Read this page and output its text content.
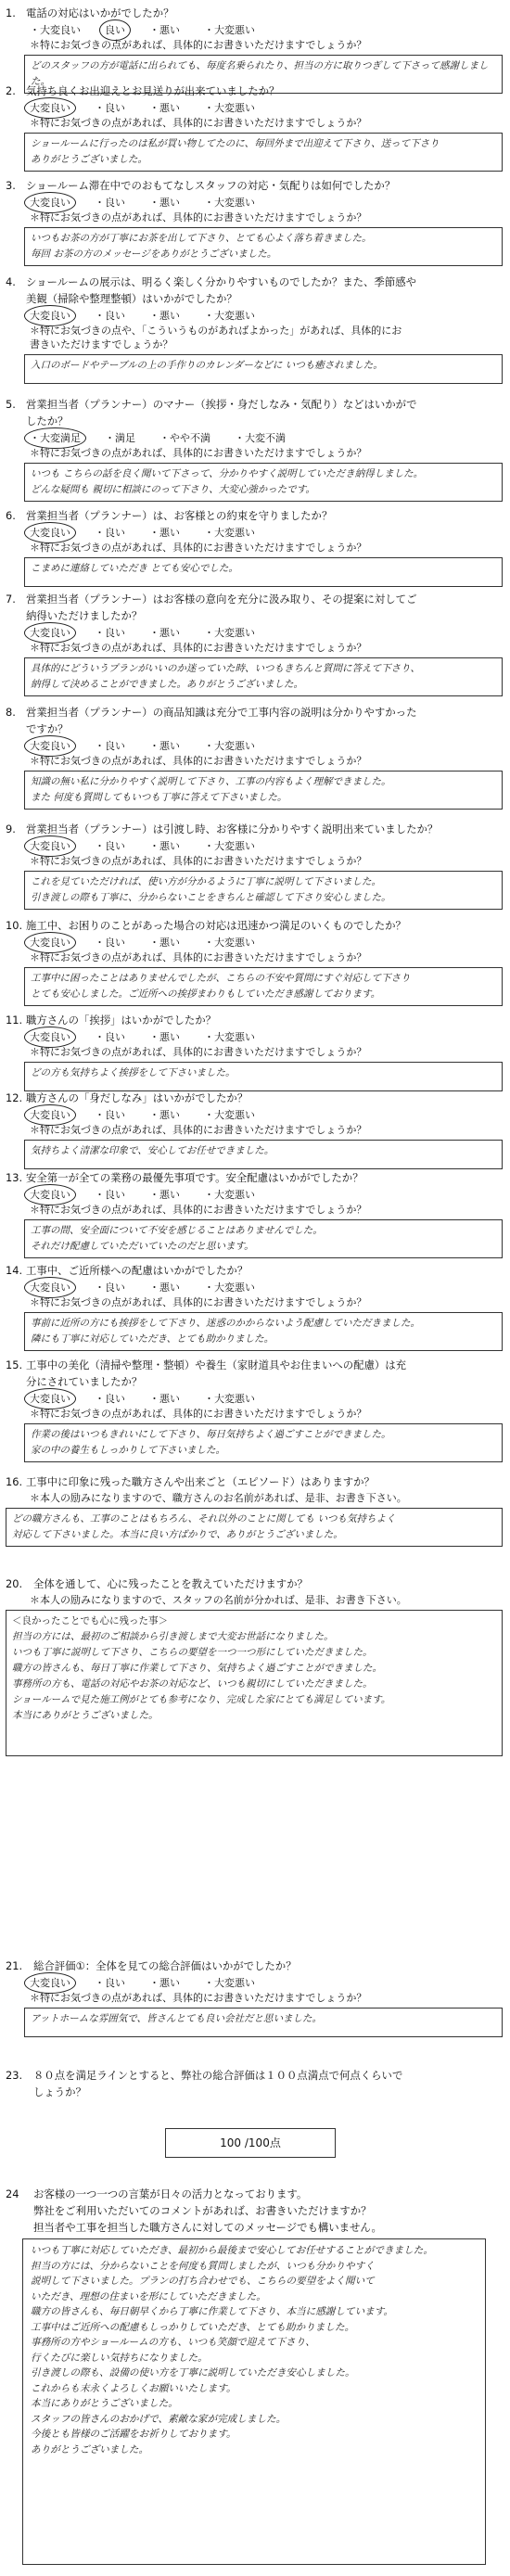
1. 電話の対応はいかがでしたか？
・大変良い 良い ・悪い ・大変悪い
＊特にお気づきの点があれば、具体的にお書きいただけますでしょうか？
どのスタッフの方が電話に出られても、毎度名乗られたり、担当の方に取りつぎして下さって感謝しました。
2. 気持ち良くお出迎えとお見送りが出来ていましたか？
大変良い ・良い ・悪い ・大変悪い
＊特にお気づきの点があれば、具体的にお書きいただけますでしょうか？
ショールームに行ったのは私が買い物してたのに、毎回外まで出迎えて下さり、送って下さり
ありがとうございました。
3. ショールーム滞在中でのおもてなしスタッフの対応・気配りは如何でしたか？
大変良い ・良い ・悪い ・大変悪い
＊特にお気づきの点があれば、具体的にお書きいただけますでしょうか？
いつもお茶の方が丁寧にお茶を出して下さり、とても心よく落ち着きました。
毎回 お茶の方のメッセージをありがとうございました。
4. ショールームの展示は、明るく楽しく分かりやすいものでしたか？また、季節感や
美観（掃除や整理整頓）はいかがでしたか？
大変良い ・良い ・悪い ・大変悪い
＊特にお気づきの点や、「こういうものがあればよかった」があれば、具体的にお
書きいただけますでしょうか？
入口のボードやテーブルの上の手作りのカレンダーなどに いつも癒されました。
5. 営業担当者（プランナー）のマナー（挨拶・身だしなみ・気配り）などはいかがで
したか？
・大変満足 ・満足 ・やや不満 ・大変不満
＊特にお気づきの点があれば、具体的にお書きいただけますでしょうか？
いつも こちらの話を良く聞いて下さって、分かりやすく説明していただき納得しました。
どんな疑問も 親切に相談にのって下さり、大変心強かったです。
6. 営業担当者（プランナー）は、お客様との約束を守りましたか？
大変良い ・良い ・悪い ・大変悪い
＊特にお気づきの点があれば、具体的にお書きいただけますでしょうか？
こまめに連絡していただき とても安心でした。
7. 営業担当者（プランナー）はお客様の意向を充分に汲み取り、その提案に対してご
納得いただけましたか？
大変良い ・良い ・悪い ・大変悪い
＊特にお気づきの点があれば、具体的にお書きいただけますでしょうか？
具体的にどういうプランがいいのか迷っていた時、いつもきちんと質問に答えて下さり、
納得して決めることができました。ありがとうございました。
8. 営業担当者（プランナー）の商品知識は充分で工事内容の説明は分かりやすかった
ですか？
大変良い ・良い ・悪い ・大変悪い
＊特にお気づきの点があれば、具体的にお書きいただけますでしょうか？
知識の無い私に分かりやすく説明して下さり、工事の内容もよく理解できました。
また 何度も質問してもいつも丁寧に答えて下さいました。
9. 営業担当者（プランナー）は引渡し時、お客様に分かりやすく説明出来ていましたか？
大変良い ・良い ・悪い ・大変悪い
＊特にお気づきの点があれば、具体的にお書きいただけますでしょうか？
これを見ていただければ、使い方が分かるように丁寧に説明して下さいました。
引き渡しの際も丁寧に、分からないことをきちんと確認して下さり安心しました。
10. 施工中、お困りのことがあった場合の対応は迅速かつ満足のいくものでしたか？
大変良い ・良い ・悪い ・大変悪い
＊特にお気づきの点があれば、具体的にお書きいただけますでしょうか？
工事中に困ったことはありませんでしたが、こちらの不安や質問にすぐ対応して下さり
とても安心しました。ご近所への挨拶まわりもしていただき感謝しております。
11. 職方さんの「挨拶」はいかがでしたか？
大変良い ・良い ・悪い ・大変悪い
＊特にお気づきの点があれば、具体的にお書きいただけますでしょうか？
どの方も気持ちよく挨拶をして下さいました。
12. 職方さんの「身だしなみ」はいかがでしたか？
大変良い ・良い ・悪い ・大変悪い
＊特にお気づきの点があれば、具体的にお書きいただけますでしょうか？
気持ちよく清潔な印象で、安心してお任せできました。
13. 安全第一が全ての業務の最優先事項です。安全配慮はいかがでしたか？
大変良い ・良い ・悪い ・大変悪い
＊特にお気づきの点があれば、具体的にお書きいただけますでしょうか？
工事の間、安全面について不安を感じることはありませんでした。
それだけ配慮していただいていたのだと思います。
14. 工事中、ご近所様への配慮はいかがでしたか？
大変良い ・良い ・悪い ・大変悪い
＊特にお気づきの点があれば、具体的にお書きいただけますでしょうか？
事前に近所の方にも挨拶をして下さり、迷惑のかからないよう配慮していただきました。
隣にも丁寧に対応していただき、とても助かりました。
15. 工事中の美化（清掃や整理・整頓）や養生（家財道具やお住まいへの配慮）は充
分にされていましたか？
大変良い ・良い ・悪い ・大変悪い
＊特にお気づきの点があれば、具体的にお書きいただけますでしょうか？
作業の後はいつもきれいにして下さり、毎日気持ちよく過ごすことができました。
家の中の養生もしっかりして下さいました。
16. 工事中に印象に残った職方さんや出来ごと（エピソード）はありますか？
＊本人の励みになりますので、職方さんのお名前があれば、是非、お書き下さい。
どの職方さんも、工事のことはもちろん、それ以外のことに関しても いつも気持ちよく
対応して下さいました。本当に良い方ばかりで、ありがとうございました。
20. 全体を通して、心に残ったことを教えていただけますか？
＊本人の励みになりますので、スタッフの名前が分かれば、是非、お書き下さい。
＜良かったことでも心に残った事＞
担当の方には、最初のご相談から引き渡しまで大変お世話になりました。
いつも丁寧に説明して下さり、こちらの要望を一つ一つ形にしていただきました。
職方の皆さんも、毎日丁寧に作業して下さり、気持ちよく過ごすことができました。
事務所の方も、電話の対応やお茶の対応など、いつも親切にしていただきました。
ショールームで見た施工例がとても参考になり、完成した家にとても満足しています。
本当にありがとうございました。
21. 総合評価①：全体を見ての総合評価はいかがでしたか？
大変良い ・良い ・悪い ・大変悪い
＊特にお気づきの点があれば、具体的にお書きいただけますでしょうか？
アットホームな雰囲気で、皆さんとても良い会社だと思いました。
23. ８０点を満足ラインとすると、弊社の総合評価は１００点満点で何点くらいで
しょうか？
100 /100点
24 お客様の一つ一つの言葉が日々の活力となっております。
弊社をご利用いただいてのコメントがあれば、お書きいただけますか？
担当者や工事を担当した職方さんに対してのメッセージでも構いません。
いつも丁寧に対応していただき、最初から最後まで安心してお任せすることができました。
担当の方には、分からないことを何度も質問しましたが、いつも分かりやすく
説明して下さいました。プランの打ち合わせでも、こちらの要望をよく聞いて
いただき、理想の住まいを形にしていただきました。
職方の皆さんも、毎日朝早くから丁寧に作業して下さり、本当に感謝しています。
工事中はご近所への配慮もしっかりしていただき、とても助かりました。
事務所の方やショールームの方も、いつも笑顔で迎えて下さり、
行くたびに楽しい気持ちになりました。
引き渡しの際も、設備の使い方を丁寧に説明していただき安心しました。
これからも末永くよろしくお願いいたします。
本当にありがとうございました。
スタッフの皆さんのおかげで、素敵な家が完成しました。
今後とも皆様のご活躍をお祈りしております。
ありがとうございました。
